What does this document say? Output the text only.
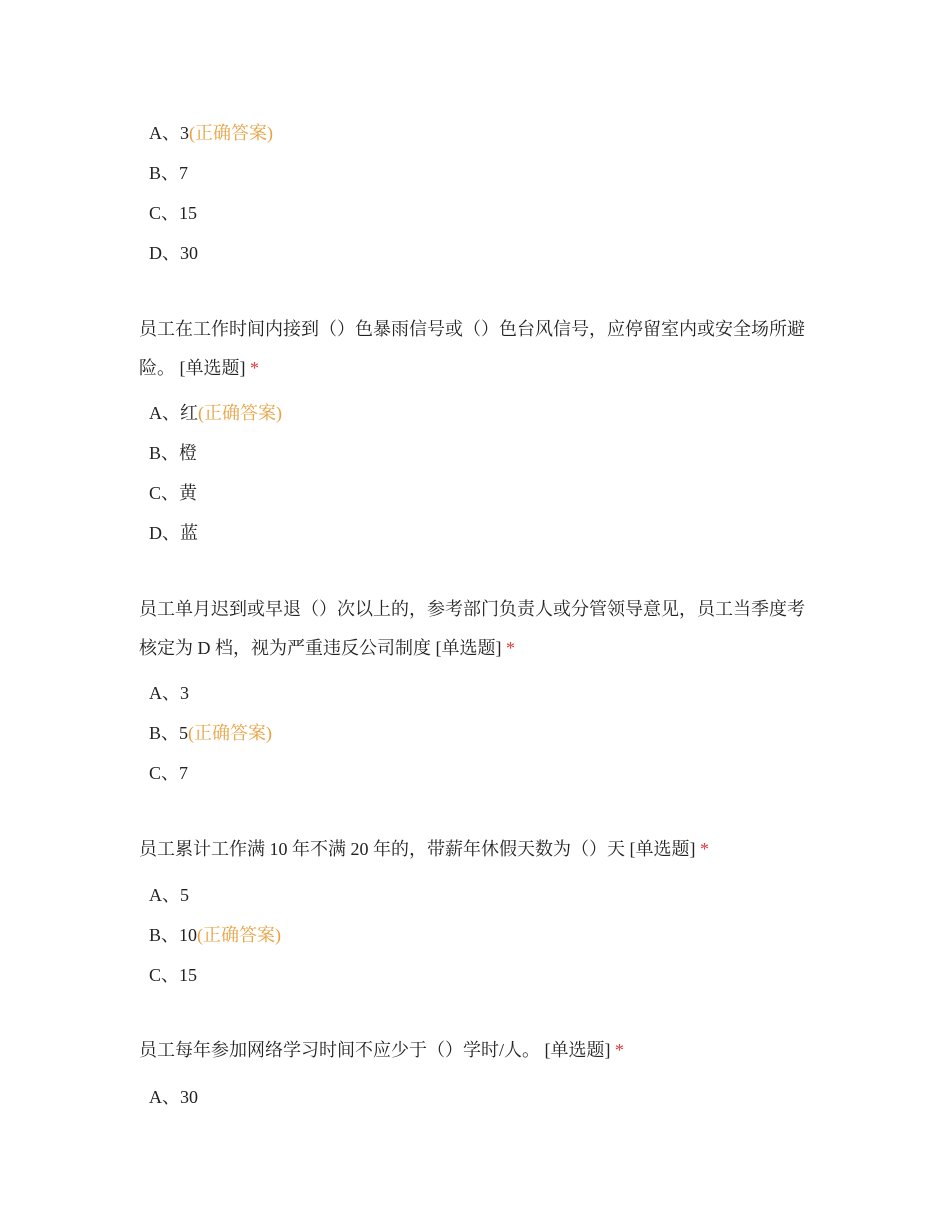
A、3(正确答案)
B、7
C、15
D、30
员工在工作时间内接到（）色暴雨信号或（）色台风信号，应停留室内或安全场所避险。 [单选题] *
A、红(正确答案)
B、橙
C、黄
D、蓝
员工单月迟到或早退（）次以上的，参考部门负责人或分管领导意见，员工当季度考核定为 D 档，视为严重违反公司制度 [单选题] *
A、3
B、5(正确答案)
C、7
员工累计工作满 10 年不满 20 年的，带薪年休假天数为（）天 [单选题] *
A、5
B、10(正确答案)
C、15
员工每年参加网络学习时间不应少于（）学时/人。 [单选题] *
A、30
